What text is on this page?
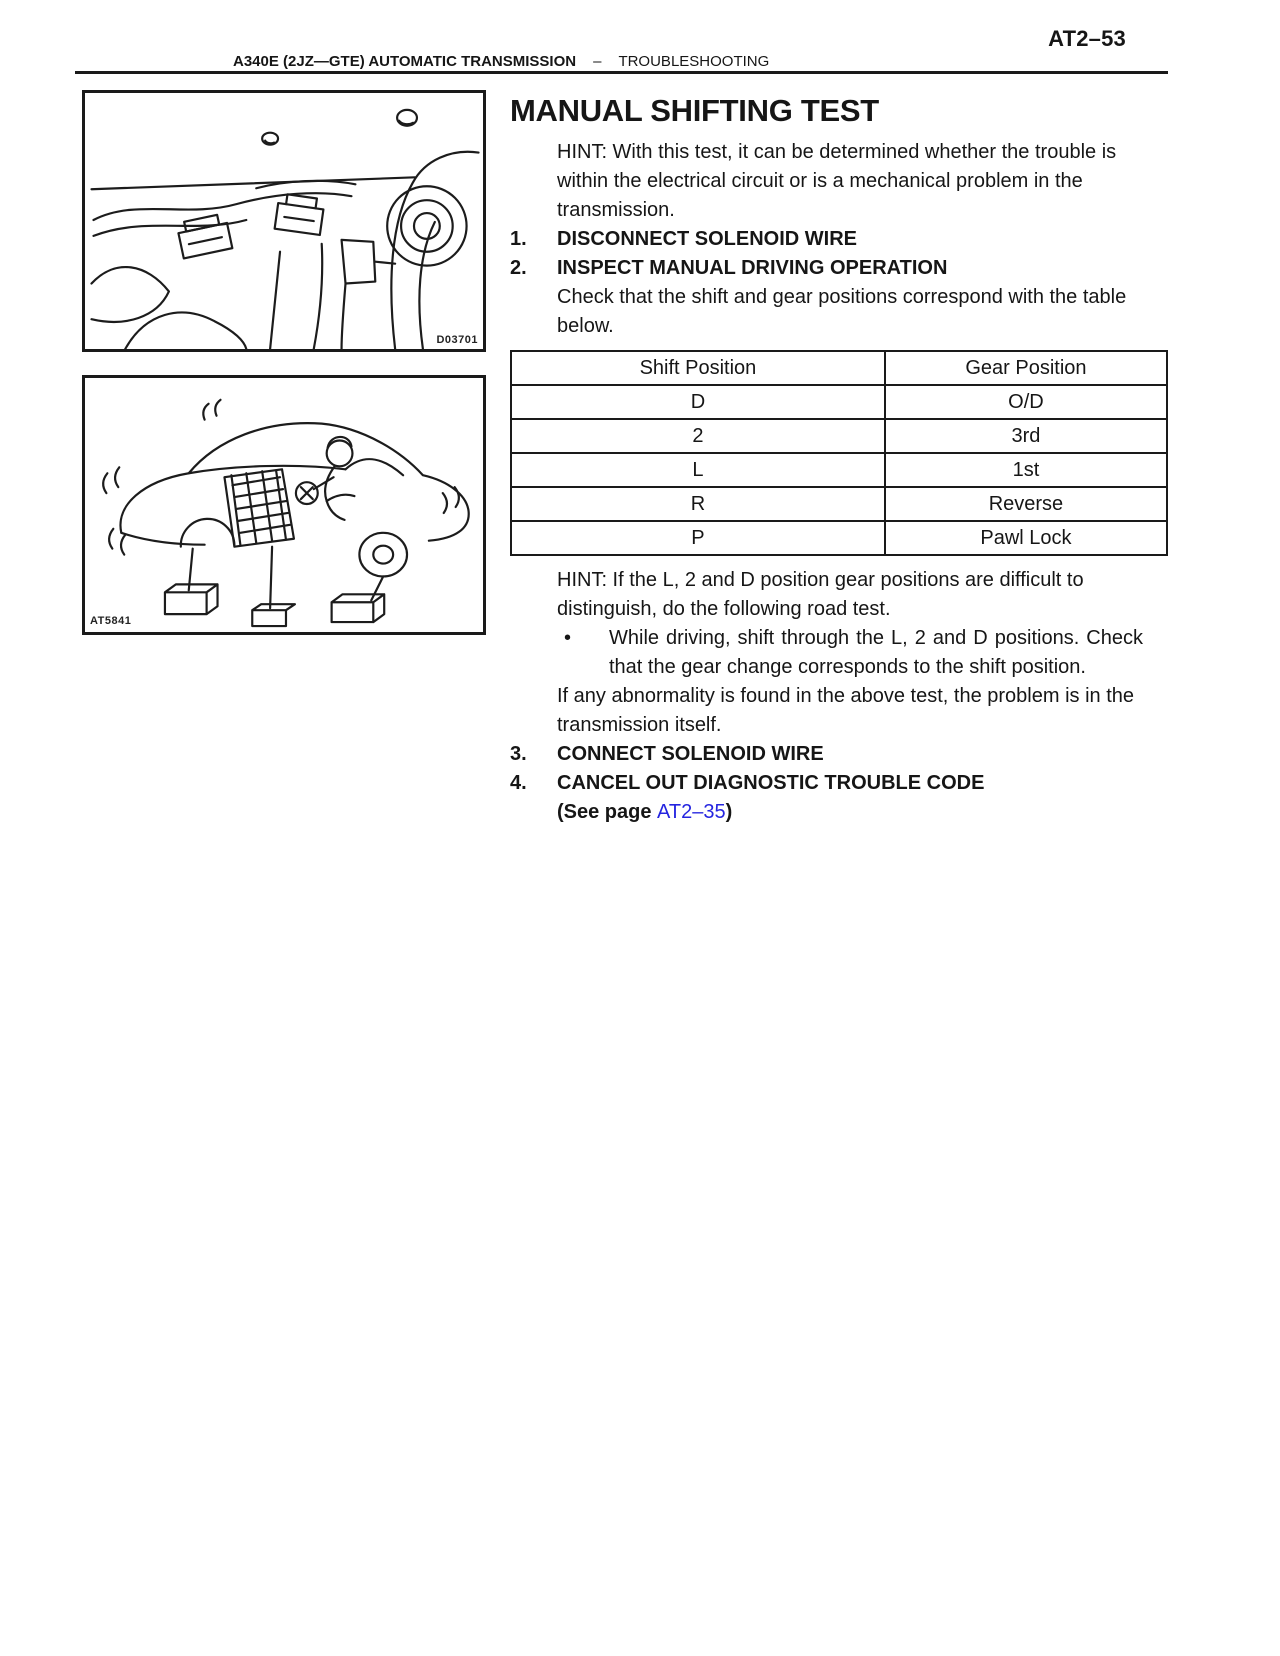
AT2–53
A340E (2JZ—GTE) AUTOMATIC TRANSMISSION – TROUBLESHOOTING
D03701
AT5841
MANUAL SHIFTING TEST

HINT: With this test, it can be determined whether the trouble is within the electrical circuit or is a mechanical problem in the transmission.

1.	DISCONNECT SOLENOID WIRE
2.	INSPECT MANUAL DRIVING OPERATION

Check that the shift and gear positions correspond with the table below.

Shift Position	Gear Position
D	O/D
2	3rd
L	1st
R	Reverse
P	Pawl Lock

HINT: If the L, 2 and D position gear positions are difficult to distinguish, do the following road test.

•	While driving, shift through the L, 2 and D positions. Check that the gear change corresponds to the shift position.

If any abnormality is found in the above test, the problem is in the transmission itself.

3.	CONNECT SOLENOID WIRE
4.	CANCEL OUT DIAGNOSTIC TROUBLE CODE
(See page AT2–35)
